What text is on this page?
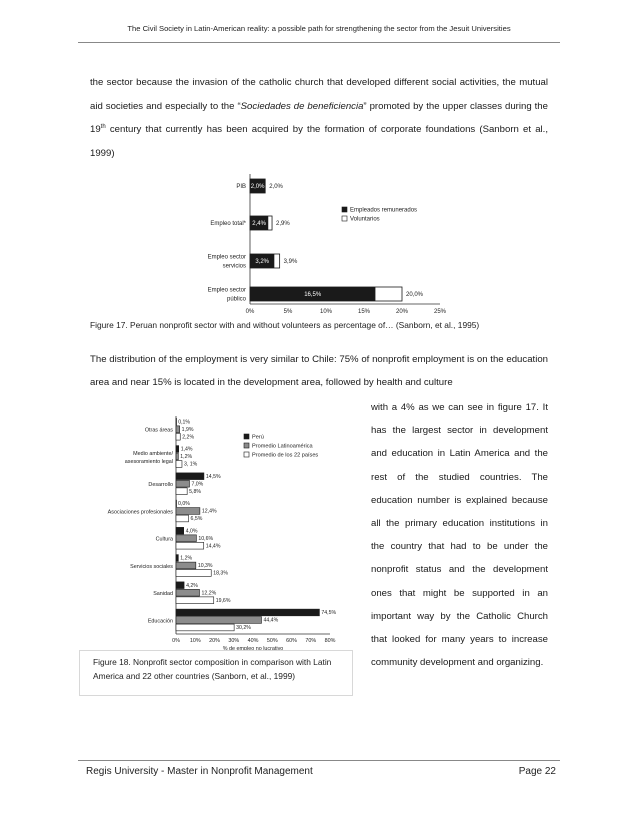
The Civil Society in Latin-American reality: a possible path for strengthening the sector from the Jesuit Universities

the sector because the invasion of the catholic church that developed different social activities, the mutual aid societies and especially to the “Sociedades de beneficiencia” promoted by the upper classes during the 19th century that currently has been acquired by the formation of corporate foundations (Sanborn et al., 1999)

2,0% 2,0%
PIB
2,4% 2,9%
Empleo total*
3,2% 3,9%
Empleo sector
servicios
16,5%	20,0%
Empleo sector
público
0%	5%	10%	15%	20%	25%
Empleados remunerados
Voluntarios
Figure 17. Peruan nonprofit sector with and without volunteers as percentage of… (Sanborn, et al., 1995)

The distribution of the employment is very similar to Chile: 75% of nonprofit employment is on the education area and near 15% is located in the development area, followed by health and culture

0,1%
1,9%
2,2%
Otras áreas
1,4%
1,2%
3, 1%
Medio ambiente/
asesoramiento legal
14,5%
7,0%
5,8%
Desarrollo
0,0%
12,4%
6,5%
Asociaciones profesionales
4,0%
10,6%
14,4%
Cultura
1,2%
10,3%
18,3%
Servicios sociales
4,2%
12,2%
19,6%
Sanidad
74,5%
44,4%
30,2%
Educación
0% 10% 20% 30% 40% 50% 60% 70% 80%
% de empleo no lucrativo
Perú
Promedio Latinoamérica
Promedio de los 22 países
Figure 18. Nonprofit sector composition in comparison with Latin America and 22 other countries (Sanborn, et al., 1999)

with a 4% as we can see in figure 17. It has the largest sector in development and education in Latin America and the rest of the studied countries. The education number is explained because all the primary education institutions in the country that had to be under the nonprofit status and the development ones that might be supported in an important way by the Catholic Church that looked for many years to increase community development and organizing.

Regis University - Master in Nonprofit Management	Page 22
